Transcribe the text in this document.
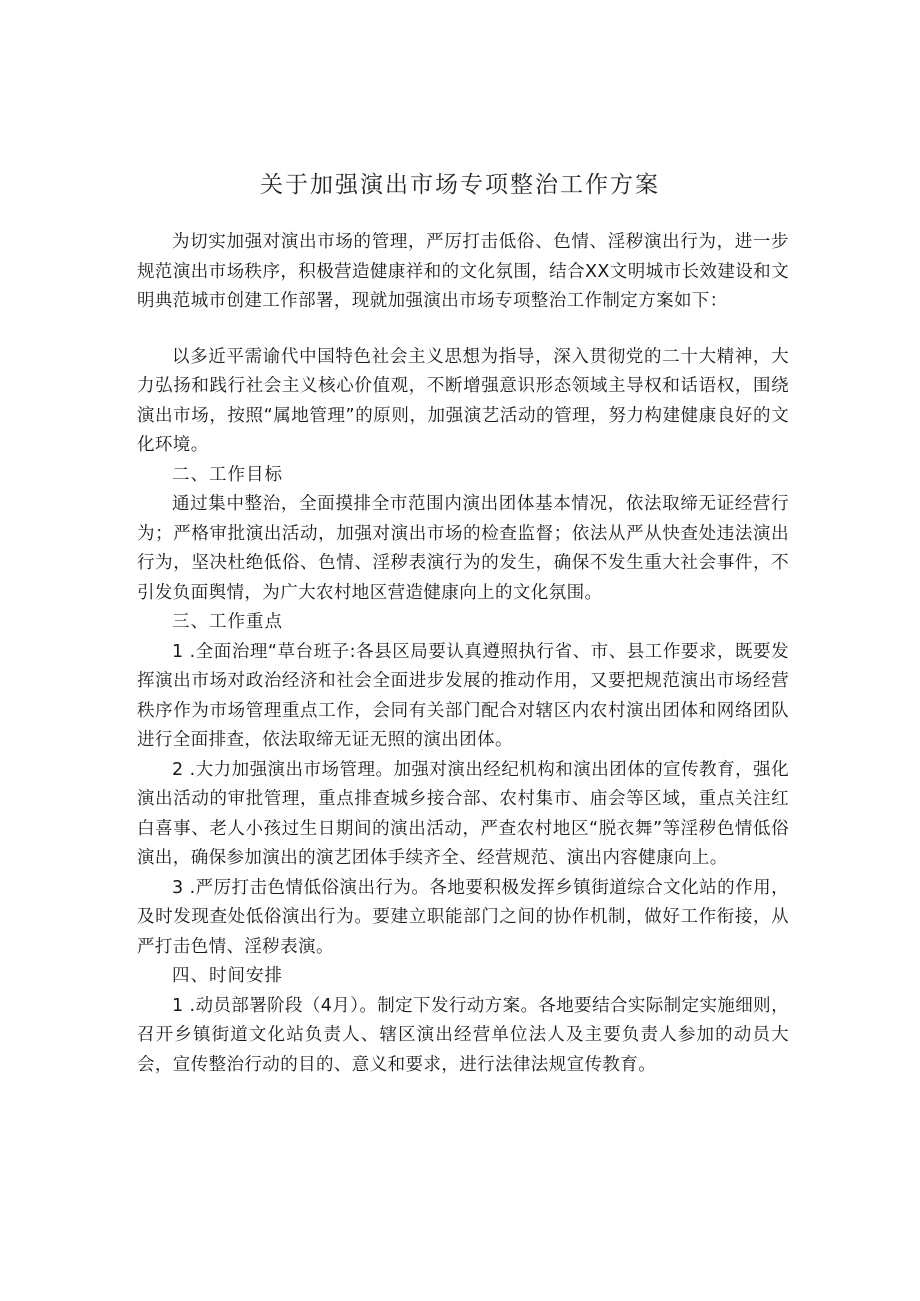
关于加强演出市场专项整治工作方案

为切实加强对演出市场的管理，严厉打击低俗、色情、淫秽演出行为，进一步规范演出市场秩序，积极营造健康祥和的文化氛围，结合XX文明城市长效建设和文明典范城市创建工作部署，现就加强演出市场专项整治工作制定方案如下：

以多近平需谕代中国特色社会主义思想为指导，深入贯彻党的二十大精神，大力弘扬和践行社会主义核心价值观，不断增强意识形态领域主导权和话语权，围绕演出市场，按照“属地管理”的原则，加强演艺活动的管理，努力构建健康良好的文化环境。

二、工作目标

通过集中整治，全面摸排全市范围内演出团体基本情况，依法取缔无证经营行为；严格审批演出活动，加强对演出市场的检查监督；依法从严从快查处违法演出行为，坚决杜绝低俗、色情、淫秽表演行为的发生，确保不发生重大社会事件，不引发负面舆情，为广大农村地区营造健康向上的文化氛围。

三、工作重点

1 .全面治理“草台班子:各县区局要认真遵照执行省、市、县工作要求，既要发挥演出市场对政治经济和社会全面进步发展的推动作用，又要把规范演出市场经营秩序作为市场管理重点工作，会同有关部门配合对辖区内农村演出团体和网络团队进行全面排查，依法取缔无证无照的演出团体。

2 .大力加强演出市场管理。加强对演出经纪机构和演出团体的宣传教育，强化演出活动的审批管理，重点排查城乡接合部、农村集市、庙会等区域，重点关注红白喜事、老人小孩过生日期间的演出活动，严查农村地区“脱衣舞”等淫秽色情低俗演出，确保参加演出的演艺团体手续齐全、经营规范、演出内容健康向上。

3 .严厉打击色情低俗演出行为。各地要积极发挥乡镇街道综合文化站的作用，及时发现查处低俗演出行为。要建立职能部门之间的协作机制，做好工作衔接，从严打击色情、淫秽表演。

四、时间安排

1 .动员部署阶段（4月）。制定下发行动方案。各地要结合实际制定实施细则，召开乡镇街道文化站负责人、辖区演出经营单位法人及主要负责人参加的动员大会，宣传整治行动的目的、意义和要求，进行法律法规宣传教育。
